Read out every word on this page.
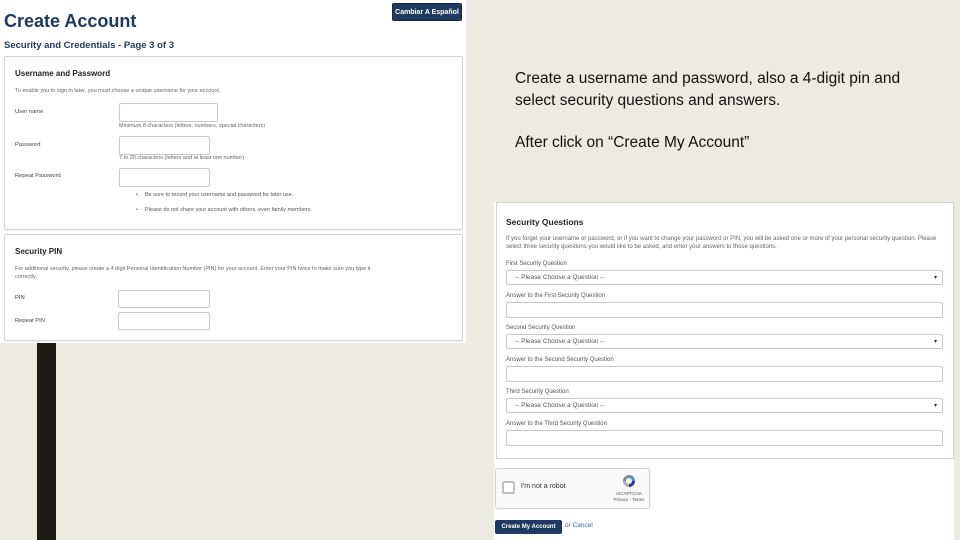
Create Account	Cambiar A Español
Security and Credentials - Page 3 of 3
Username and Password
To enable you to sign in later, you must choose a unique username for your account.
User name
Minimum 8 characters (letters, numbers, special characters)
Password
7 to 20 characters (letters and at least one number)
Repeat Password
• Be sure to record your username and password for later use.
• Please do not share your account with others, even family members.
Security PIN
For additional security, please create a 4 digit Personal Identification Number (PIN) for your account. Enter your PIN twice to make sure you type it
correctly.
PIN
Repeat PIN

Create a username and password, also a 4-digit pin and select security questions and answers.

After click on “Create My Account”

Security Questions
If you forget your username or password, or if you want to change your password or PIN, you will be asked one or more of your personal security question. Please select three security questions you would like to be asked, and enter your answers to those questions.
First Security Question
-- Please Choose a Question --	▾
Answer to the First Security Question
Second Security Question
-- Please Choose a Question --	▾
Answer to the Second Security Question
Third Security Question
-- Please Choose a Question --	▾
Answer to the Third Security Question
I'm not a robot
reCAPTCHA
Privacy - Terms
Create My Account	or Cancel
